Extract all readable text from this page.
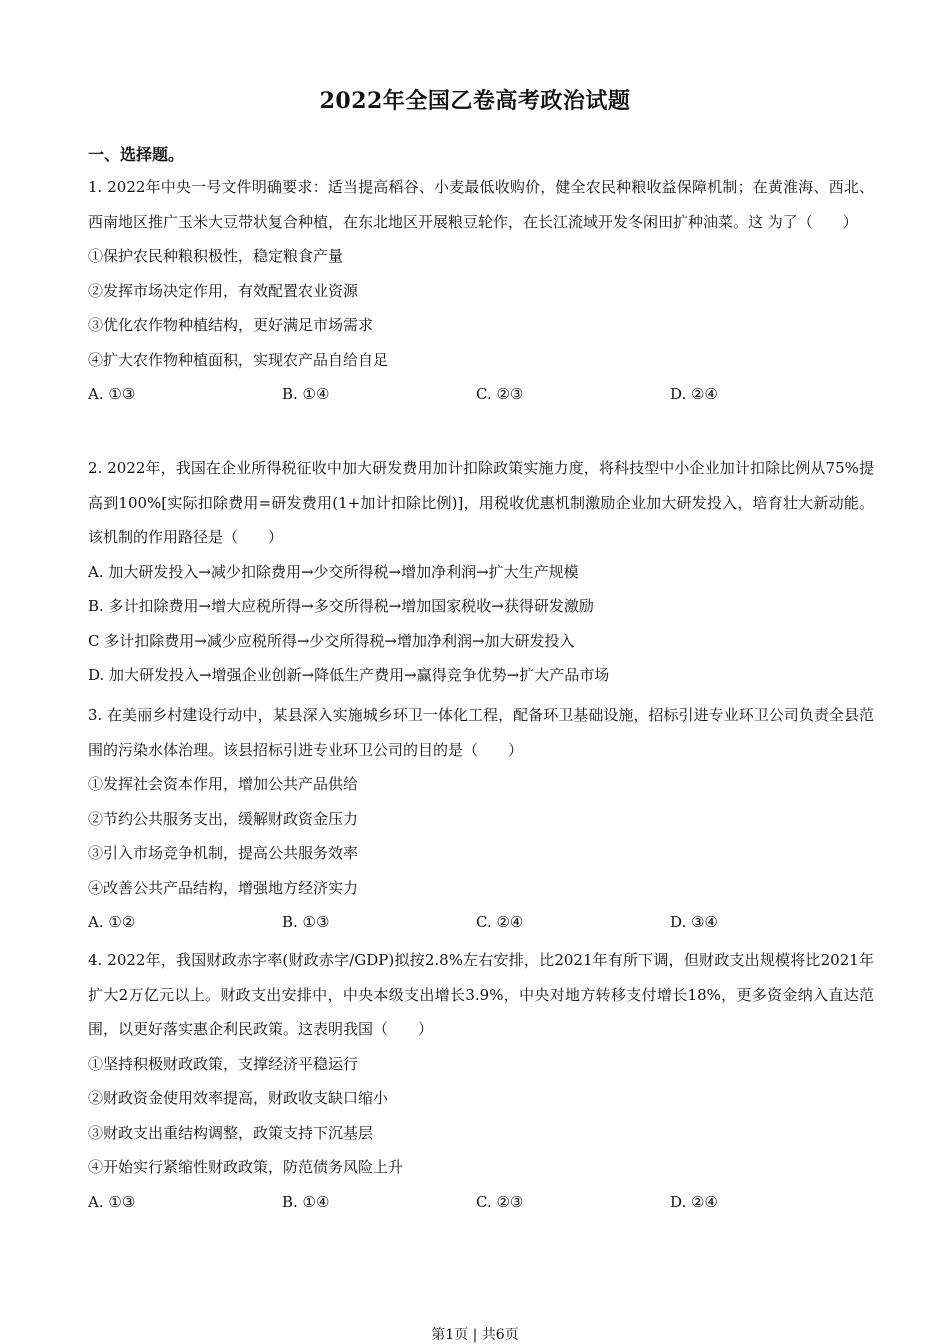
2022年全国乙卷高考政治试题
一、选择题。

1. 2022年中央一号文件明确要求：适当提高稻谷、小麦最低收购价，健全农民种粮收益保障机制；在黄淮海、西北、西南地区推广玉米大豆带状复合种植，在东北地区开展粮豆轮作，在长江流域开发冬闲田扩种油菜。这 为了（　　）

①保护农民种粮积极性，稳定粮食产量

②发挥市场决定作用，有效配置农业资源

③优化农作物种植结构，更好满足市场需求

④扩大农作物种植面积，实现农产品自给自足

A. ①③	B. ①④	C. ②③	D. ②④

2. 2022年，我国在企业所得税征收中加大研发费用加计扣除政策实施力度，将科技型中小企业加计扣除比例从75%提高到100%[实际扣除费用=研发费用(1+加计扣除比例)]，用税收优惠机制激励企业加大研发投入，培育壮大新动能。该机制的作用路径是（　　）

A. 加大研发投入→减少扣除费用→少交所得税→增加净利润→扩大生产规模

B. 多计扣除费用→增大应税所得→多交所得税→增加国家税收→获得研发激励

C 多计扣除费用→减少应税所得→少交所得税→增加净利润→加大研发投入

D. 加大研发投入→增强企业创新→降低生产费用→赢得竞争优势→扩大产品市场

3. 在美丽乡村建设行动中，某县深入实施城乡环卫一体化工程，配备环卫基础设施，招标引进专业环卫公司负责全县范围的污染水体治理。该县招标引进专业环卫公司的目的是（　　）

①发挥社会资本作用，增加公共产品供给

②节约公共服务支出，缓解财政资金压力

③引入市场竞争机制，提高公共服务效率

④改善公共产品结构，增强地方经济实力

A. ①②	B. ①③	C. ②④	D. ③④

4. 2022年，我国财政赤字率(财政赤字/GDP)拟按2.8%左右安排，比2021年有所下调，但财政支出规模将比2021年扩大2万亿元以上。财政支出安排中，中央本级支出增长3.9%，中央对地方转移支付增长18%，更多资金纳入直达范围，以更好落实惠企利民政策。这表明我国（　　）

①坚持积极财政政策，支撑经济平稳运行

②财政资金使用效率提高，财政收支缺口缩小

③财政支出重结构调整，政策支持下沉基层

④开始实行紧缩性财政政策，防范债务风险上升

A. ①③	B. ①④	C. ②③	D. ②④
第1页 | 共6页
